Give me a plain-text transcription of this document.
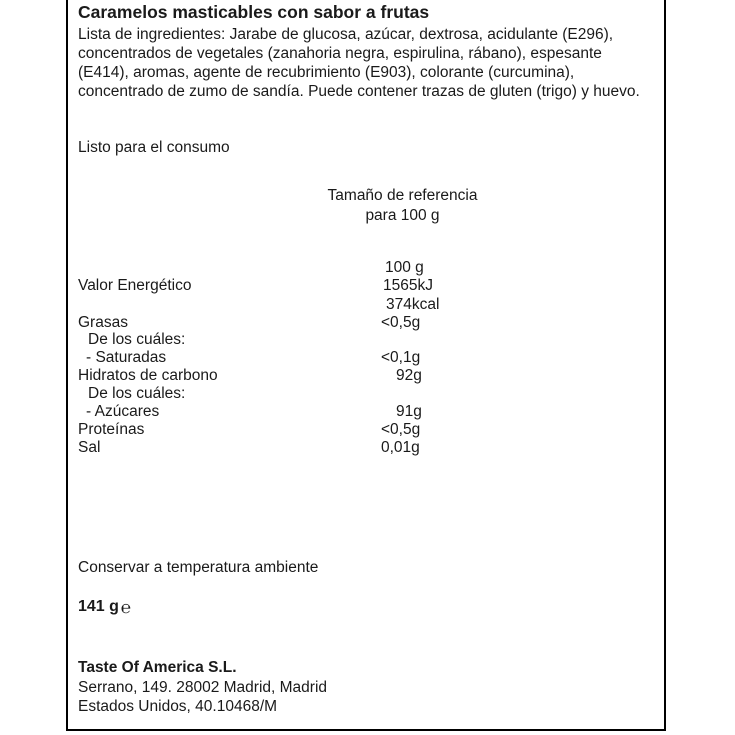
Caramelos masticables con sabor a frutas
Lista de ingredientes: Jarabe de glucosa, azúcar, dextrosa, acidulante (E296),
concentrados de vegetales (zanahoria negra, espirulina, rábano), espesante
(E414), aromas, agente de recubrimiento (E903), colorante (curcumina),
concentrado de zumo de sandía. Puede contener trazas de gluten (trigo) y huevo.
Listo para el consumo
Tamaño de referencia
para 100 g
100 g
Valor Energético	1565kJ
374kcal
Grasas	<0,5g
De los cuáles:
- Saturadas	<0,1g
Hidratos de carbono	92g
De los cuáles:
- Azúcares	91g
Proteínas	<0,5g
Sal	0,01g
Conservar a temperatura ambiente
141 g ℮
Taste Of America S.L.
Serrano, 149. 28002 Madrid, Madrid
Estados Unidos, 40.10468/M
